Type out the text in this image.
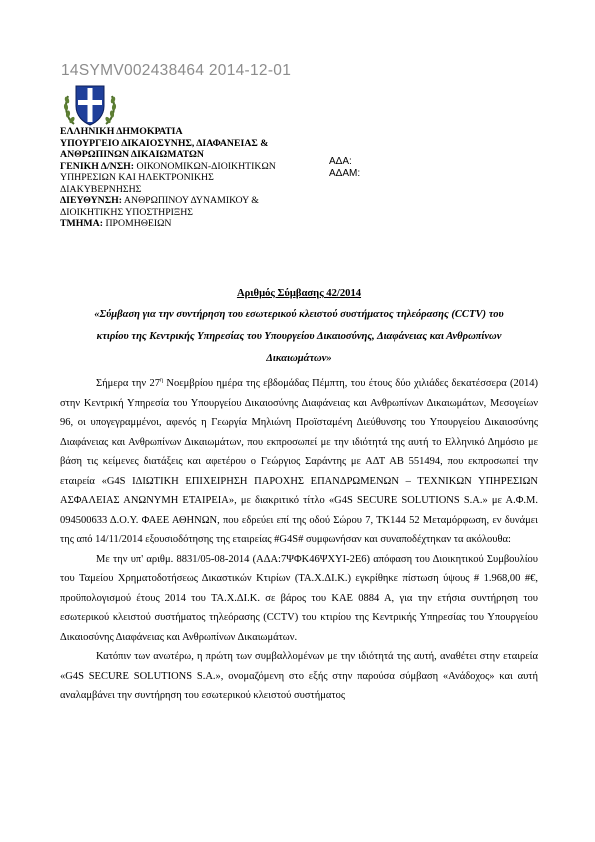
14SYMV002438464 2014-12-01
ΕΛΛΗΝΙΚΗ ΔΗΜΟΚΡΑΤΙΑ
ΥΠΟΥΡΓΕΙΟ ΔΙΚΑΙΟΣΥΝΗΣ, ΔΙΑΦΑΝΕΙΑΣ &
ΑΝΘΡΩΠΙΝΩΝ ΔΙΚΑΙΩΜΑΤΩΝ
ΓΕΝΙΚΗ Δ/ΝΣΗ: ΟΙΚΟΝΟΜΙΚΩΝ-ΔΙΟΙΚΗΤΙΚΩΝ
ΥΠΗΡΕΣΙΩΝ ΚΑΙ ΗΛΕΚΤΡΟΝΙΚΗΣ
ΔΙΑΚΥΒΕΡΝΗΣΗΣ
ΔΙΕΥΘΥΝΣΗ: ΑΝΘΡΩΠΙΝΟΥ ΔΥΝΑΜΙΚΟΥ &
ΔΙΟΙΚΗΤΙΚΗΣ ΥΠΟΣΤΗΡΙΞΗΣ
ΤΜΗΜΑ: ΠΡΟΜΗΘΕΙΩΝ
ΑΔΑ:
ΑΔΑΜ:
Αριθμός Σύμβασης 42/2014
«Σύμβαση για την συντήρηση του εσωτερικού κλειστού συστήματος τηλεόρασης (CCTV) του
κτιρίου της Κεντρικής Υπηρεσίας του Υπουργείου Δικαιοσύνης, Διαφάνειας και Ανθρωπίνων
Δικαιωμάτων»

Σήμερα την $27^\eta$ Νοεμβρίου ημέρα της εβδομάδας Πέμπτη, του έτους δύο χιλιάδες δεκατέσσερα (2014) στην Κεντρική Υπηρεσία του Υπουργείου Δικαιοσύνης Διαφάνειας και Ανθρωπίνων Δικαιωμάτων, Μεσογείων 96, οι υπογεγραμμένοι, αφενός η Γεωργία Μηλιώνη Προϊσταμένη Διεύθυνσης του Υπουργείου Δικαιοσύνης Διαφάνειας και Ανθρωπίνων Δικαιωμάτων, που εκπροσωπεί με την ιδιότητά της αυτή το Ελληνικό Δημόσιο με βάση τις κείμενες διατάξεις και αφετέρου ο Γεώργιος Σαράντης με ΑΔΤ ΑΒ 551494, που εκπροσωπεί την εταιρεία «G4S ΙΔΙΩΤΙΚΗ ΕΠΙΧΕΙΡΗΣΗ ΠΑΡΟΧΗΣ ΕΠΑΝΔΡΩΜΕΝΩΝ – ΤΕΧΝΙΚΩΝ ΥΠΗΡΕΣΙΩΝ ΑΣΦΑΛΕΙΑΣ ΑΝΩΝΥΜΗ ΕΤΑΙΡΕΙΑ», με διακριτικό τίτλο «G4S SECURE SOLUTIONS S.A.» με Α.Φ.Μ. 094500633 Δ.Ο.Υ. ΦΑΕΕ ΑΘΗΝΩΝ, που εδρεύει επί της οδού Σώρου 7, ΤΚ144 52 Μεταμόρφωση, εν δυνάμει της από 14/11/2014 εξουσιοδότησης της εταιρείας #G4S# συμφωνήσαν και συναποδέχτηκαν τα ακόλουθα:

Με την υπ' αριθμ. 8831/05-08-2014 (ΑΔΑ:7ΨΦΚ46ΨΧΥΙ-2Ε6) απόφαση του Διοικητικού Συμβουλίου του Ταμείου Χρηματοδοτήσεως Δικαστικών Κτιρίων (ΤΑ.Χ.ΔΙ.Κ.) εγκρίθηκε πίστωση ύψους # 1.968,00 #€, προϋπολογισμού έτους 2014 του ΤΑ.Χ.ΔΙ.Κ. σε βάρος του ΚΑΕ 0884 Α, για την ετήσια συντήρηση του εσωτερικού κλειστού συστήματος τηλεόρασης (CCTV) του κτιρίου της Κεντρικής Υπηρεσίας του Υπουργείου Δικαιοσύνης Διαφάνειας και Ανθρωπίνων Δικαιωμάτων.

Κατόπιν των ανωτέρω, η πρώτη των συμβαλλομένων με την ιδιότητά της αυτή, αναθέτει στην εταιρεία «G4S SECURE SOLUTIONS S.A.», ονομαζόμενη στο εξής στην παρούσα σύμβαση «Ανάδοχος» και αυτή αναλαμβάνει την συντήρηση του εσωτερικού κλειστού συστήματος
